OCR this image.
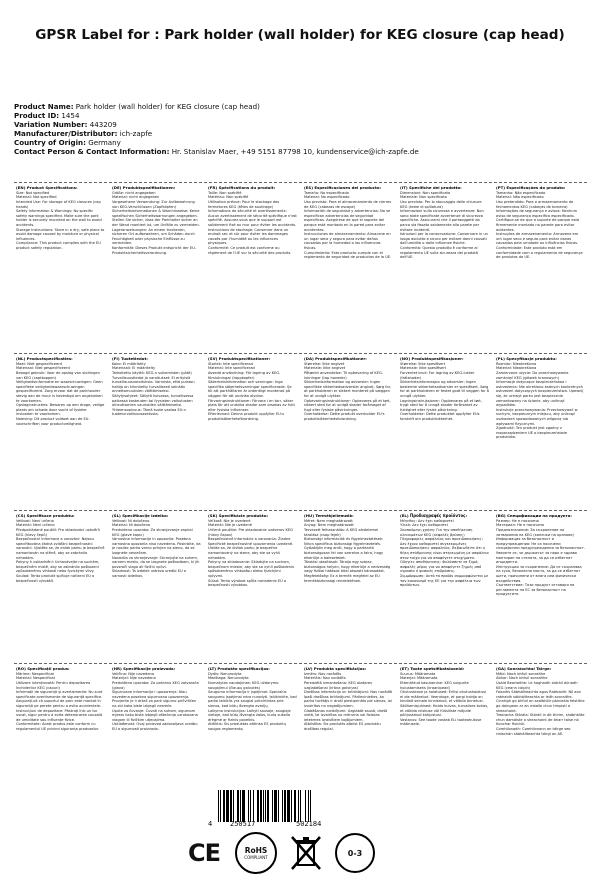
GPSR Label for : Park holder (wall holder) for KEG closure (cap head)
Product Name: Park holder (wall holder) for KEG closure (cap head)
Product ID: 1454
Variation Number: 443209
Manufacturer/Distributor: ich-zapfe
Country of Origin: Germany
Contact Person & Contact Information: Hr. Stanislav Maer, +49 5151 87798 10, kundenservice@ich-zapfe.de
(EN) Product Specifications:
Size: Not specified
Material: Not specified
Intended Use: For storage of KEG closures (cap heads)
Safety Information & Warnings: No specific safety warnings specified. Make sure the park holder is securely mounted on the wall to avoid accidents.
Storage Instructions: Store in a dry, safe place to avoid damage caused by moisture or physical influences.
Compliance: This product complies with the EU product safety regulation.
(DE) Produktspezifikationen:
Größe: nicht angegeben
Material: nicht angegeben
Vorgesehene Verwendung: Zur Aufbewahrung von KEG-Verschlüssen (Zapfköpfen)
Sicherheitsinformationen & Warnhinweise: Keine spezifischen Sicherheitswarnungen angegeben. Stellen Sie sicher, dass der Parkhalter sicher an der Wand montiert ist, um Unfälle zu vermeiden.
Lageranweisungen: An einem trockenen, sicheren Ort aufbewahren, um Schäden durch Feuchtigkeit oder physische Einflüsse zu vermeiden.
Konformität: Dieses Produkt entspricht der EU-Produktsicherheitsverordnung.
(FR) Spécifications du produit:
Taille: Non spécifié
Matériau: Non spécifié
Utilisation prévue: Pour le stockage des fermetures KEG (têtes de soutirage)
Informations de sécurité et avertissements: Aucun avertissement de sécurité spécifique n'est spécifié. Assurez-vous que le support est solidement fixé au mur pour éviter les accidents.
Instructions de stockage: Conserver dans un endroit sec et sûr pour éviter les dommages causés par l'humidité ou les influences physiques.
Conformité: Ce produit est conforme au règlement de l'UE sur la sécurité des produits.
(ES) Especificaciones del producto:
Tamaño: No especificado
Material: No especificado
Uso previsto: Para el almacenamiento de cierres de KEG (cabezas de escape)
Información de seguridad y advertencias: No se especifican advertencias de seguridad específicas. Asegúrese de que el soporte del parque está montado en la pared para evitar accidentes.
Instrucciones de almacenamiento: Almacene en un lugar seco y seguro para evitar daños causados por la humedad o las influencias físicas.
Cumplimiento: Este producto cumple con el reglamento de seguridad de productos de la UE.
(IT) Specifiche del prodotto:
Dimensioni: Non specificato
Materiale: Non specificato
Uso previsto: Per lo stoccaggio delle chiusure KEG (teste di spillatura)
Informazioni sulla sicurezza e avvertenze: Non sono state specificate avvertenze di sicurezza specifiche. Assicurarsi che il portaoggetti da parco sia fissato saldamente alla parete per evitare incidenti.
Istruzioni per la conservazione: Conservare in un luogo asciutto e sicuro per evitare danni causati dall'umidità o dalle influenze fisiche.
Conformità: Questo prodotto è conforme al regolamento UE sulla sicurezza dei prodotti dell'UE.
(PT) Especificações do produto:
Tamanho: Não especificado
Material: Não especificado
Uso pretendido: Para o armazenamento de fechamentos KEG (cabeças de torneira)
Informações de segurança e avisos: Nenhum aviso de segurança específico especificado. Certifique-se de que o suporte de parque está firmemente montado na parede para evitar acidentes.
Instruções de armazenamento: Armazene em um lugar seco e seguro para evitar danos causados pela umidade ou influências físicas.
Conformidade: Este produto está em conformidade com o regulamento de segurança de produtos da UE.
(NL) Productspecificaties:
Maat: Niet gespecificeerd
Materiaal: Niet gespecificeerd
Beoogd gebruik: Voor de opslag van sluitingen van KEG (captkoppen)
Veiligheidsinformatie en waarschuwingen: Geen specifieke veiligheidswaarschuwingen gespecificeerd. Zorg ervoor dat de parkhouder stevig aan de muur is bevestigd om ongelukken te voorkomen.
Opslaginstructies: Bewaren op een droge, veilige plaats om schade door vocht of fysieke invloeden te voorkomen.
Naleving: Dit product voldoet aan de EU-voorschriften voor productveiligheid.
(FI) Tuotetiedot:
Koko: Ei määritelty
Materiaali: Ei määritelty
Tarkoitettu käyttö: KEG-n sulkemisten (päät)
Turvallisuustiedot ja varoitukset: Ei erityisiä turvallisuusvaroituksia. Varmista, että puiston haltija on kiinnitetty turvallisesti seinään onnettomuuksien välttämiseksi.
Säilytysohjeet: Säilytä kuivassa, turvallisessa paikassa kosteuden tai fyysisten vaikutusten aiheuttamien vaurioiden välttämiseksi.
Yhteensopivuus: Tämä tuote vastaa EU:n tuoteturvallisuusasetusta.
(SV) Produktspecifikationer:
Storlek: Inte specificerad
Material: Inte specificerad
Avsedd användning: För lagring av KEG-förslutningar (tappkopfer)
Säkerhetsinformation och varningar: Inga specifika säkerhetsvarningar specificerade. Se till att parkhållaren är ordentligt monterad på väggen för att undvika olyckor.
Förvaringsinstruktioner: Förvara i en torr, säker plats för att undvika skador som orsakas av fukt eller fysiska influenser.
Efterlevnad: Denna produkt uppfyller EU:s produktsäkerhetsförordning.
(DA) Produktspecifikationer:
Størrelse: Ikke angivet
Materiale: Ikke angivet
Påtænkt anvendelse: Til opbevaring af KEG-lukninger (tap hoveder)
Sikkerhedsinformation og advarsler: Ingen specifikke sikkerhedsadvarsler angivet. Sørg for, at parkholderen er sikkert monteret på væggen for at undgå ulykker.
Opbevaringsinstruktioner: Opbevares på et tørt, sikkert sted for at undgå skader forårsaget af fugt eller fysiske påvirkninger.
Overholdelse: Dette produkt overholder EU's produktsikkerhedsforordning.
(NO) Produktspesifikasjoner:
Størrelse: Ikke spesifisert
Materiale: Ikke spesifisert
Forventet bruk: For lagring av KEG-lukker (fattshoder)
Sikkerhetsinformasjon og advarsler: Ingen bestemte sikkerhetsadvarsler er spesifisert. Sørg for at parkholderen er festet godt til veggen for å unngå ulykker.
Lagringsinstruksjoner: Oppbevares på et tørt, trygt sted for å unngå skader forårsaket av fuktighet eller fysisk påvirkning.
Overholdelse: Dette produktet oppfyller EUs forskrift om produktsikkerhet.
(PL) Specyfikacje produktu:
Rozmiar: Nieokreślona
Materiał: Nieokreślona
Zamierzone użycie: Do przechowywania zamknięć KEG (główek kranowych)
Informacje dotyczące bezpieczeństwa i ostrzeżenia: Nie określono żadnych konkretnych ostrzeżeń dotyczących bezpieczeństwa. Upewnij się, że uchwyt parku jest bezpiecznie zamontowany na ścianie, aby uniknąć wypadków.
Instrukcje przechowywania: Przechowywać w suchym, bezpiecznym miejscu, aby uniknąć uszkodzeń spowodowanych wilgocią lub wpływami fizycznymi.
Zgodność: Ten produkt jest zgodny z rozporządzeniem UE o bezpieczeństwie produktów.
(CS) Specifikace produktu:
Velikost: Není určeno
Materiál: Není určeno
Předpokládané použití: Pro skladování uzávěrů KEG (hlavy čepů)
Bezpečnostní informace a varování: Nejsou specifikována žádná zvláštní bezpečnostní varování. Ujistěte se, že držák parku je bezpečně namontován na stěně, aby se zabránilo nehodám.
Pokyny k uskladnění: Uchovávejte na suchém, bezpečném místě, aby se zabránilo poškození způsobenému vlhkostí nebo fyzickými vlivy.
Soulad: Tento produkt splňuje nařízení EU o bezpečnosti výrobků.
(SL) Specifikacije izdelka:
Velikost: Ni določeno
Material: Ni določeno
Predvidena uporaba: Za shranjevanje zapiral KEG (glave kapic)
Varnostne informacije in opozorila: Posebna varnostna opozorila niso navedena. Poskrbite, da je nosilec parka varno pritrjen na steno, da se izognete nesrečam.
Navodila za shranjevanje: Shranjujte na suhem, varnem mestu, da se izognete poškodbam, ki jih povzroči vlaga ali fizični vplivi.
Skladnost: Ta izdelek ustreza uredbi EU o varnosti izdelkov.
(SK) Špecifikácie produktu:
Veľkosť: Nie je uvedené
Materiál: Nie je uvedené
Určené použitie: Pre skladovanie uzáverov KEG (hlavy čapov)
Bezpečnostné informácie a varovania: Žiadne špecifické bezpečnostné upozornenia uvedené. Uistite sa, že držiak parku je bezpečne namontovaný na stene, aby ste sa vyhli nehodám.
Pokyny na skladovanie: Skladujte na suchom, bezpečnom mieste, aby ste sa vyhli poškodeniu spôsobenému vlhkosťou alebo fyzickými vplyvmi.
Súlad: Tento výrobok spĺňa nariadenie EÚ o bezpečnosti výrobkov.
(HU) Termékjellemzők:
Méret: Nem meghatározott
Anyag: Nem meghatározott
Tervezett felhasználás: A KEG záróelemei tárolása (csap fejek)
Biztonsági információk és figyelmeztetések: Nincs specifikus biztonsági figyelmeztetés. Győződjön meg arról, hogy a parktartó biztonságosan fel van szerelve a falra, hogy elkerülje a baleseteket.
Tárolási utasítások: Tárolja egy száraz, biztonságos helyen, hogy elkerülje a nedvesség vagy fizikai hatások által okozott károsodást.
Megfelelőség: Ez a termék megfelel az EU termékbiztonsági rendeletének.
(EL) Προδιαγραφές προϊόντος:
Μέγεθος: Δεν έχει καθοριστεί
Υλικό: Δεν έχει καθοριστεί
Σκοπούμενη χρήση: Για την αποθήκευση κλεισιμάτων KEG (κεφαλές βρύσης)
Πληροφορίες ασφαλείας και προειδοποιήσεις: Δεν έχουν καθοριστεί συγκεκριμένες προειδοποιήσεις ασφαλείας. Βεβαιωθείτε ότι η θήκη στάθμευσης είναι στερεωμένη με ασφάλεια στον τοίχο για να αποφύγετε ατυχήματα.
Οδηγίες αποθήκευσης: Φυλάσσετε σε ξηρό, ασφαλές μέρος για να αποφύγετε ζημιές από υγρασία ή φυσικές επιδράσεις.
Συμμόρφωση: Αυτό το προϊόν συμμορφώνεται με τον κανονισμό της ΕΕ για την ασφάλεια των προϊόντων.
(BG) Спецификации на продукта:
Размер: Не е посочено
Материал: Не е посочено
Предназначение: За съхранение на затваряния на KEG (капачки на кранове)
Информация за безопасност и предупреждения: Не са посочени специфични предупреждения за безопасност. Уверете се, че държачът за парк е здраво монтиран на стената, за да се избегнат инциденти.
Инструкции за съхранение: Да се съхранява на сухо, безопасно място, за да се избегнат щети, причинени от влага или физически въздействия.
Съответствие: Този продукт отговаря на регламента на ЕС за безопасност на продуктите.
(RO) Specificații produs:
Mărime: Nespecificat
Material: Nespecificat
Utilizare intenționată: Pentru depozitarea închiderilor KEG (capuri)
Informații de siguranță și avertismente: Nu sunt specificate avertismente de siguranță specifice. Asigurați-vă că suportul de parc este montat în siguranță pe perete pentru a evita accidentele.
Instrucțiuni de depozitare: Păstrați într-un loc uscat, sigur pentru a evita deteriorarea cauzată de umiditate sau influențe fizice.
Conformitate: Acest produs este conform cu regulamentul UE privind siguranța produselor.
(HR) Specifikacije proizvoda:
Veličina: Nije navedeno
Materijal: Nije navedeno
Predviđena uporaba: Za pohranu KEG zatvarača (glava)
Sigurnosne informacije i upozorenja: Nisu navedena posebna sigurnosna upozorenja. Provjerite je li držač za park sigurno pričvršćen na zid kako biste izbjegli nesreće.
Upute za čuvanje: Čuvati na suhom, sigurnom mjestu kako biste izbjegli oštećenja uzrokovana vlagom ili fizičkim utjecajima.
Usklađenost: Ovaj proizvod zadovoljava uredbu EU o sigurnosti proizvoda.
(LT) Produkto specifikacijos:
Dydis: Nenurodyta
Medžiaga: Nenurodyta
Numatytas naudojimas: KEG uždarymo saugojimui (čiaupų galvutės)
Saugumo informacija ir įspėjimai: Specialūs saugumo įspėjimai nėra nurodyti. Įsitikinkite, kad parko laikiklis yra saugiai pritvirtintas prie sienos, kad būtų išvengta avarijų.
Laikymo instrukcijos: Laikyti sausoje, saugioje vietoje, kad būtų išvengta žalos, kurią sukelia drėgmė ar fizinis poveikis.
Atitiktis: Šis produktas atitinka ES produktų saugos reglamentą.
(LV) Produkta specifikācijas:
Izmērs: Nav norādīts
Materiāls: Nav norādīts
Paredzētā izmantošana: KEG aizdares uzglabāšanai (krāna galviņas)
Drošības informācija un brīdinājumi: Nav norādīti īpaši drošības brīdinājumi. Pārliecinieties, ka parka turētājs ir droši piestiprināts pie sienas, lai izvairītos no negadījumiem.
Glabāšanas norādījumi: Uzglabāt sausā, drošā vietā, lai izvairītos no mitruma vai fiziskas ietekmes izraisītiem bojājumiem.
Atbilstība: Šis produkts atbilst ES produktu drošības regulai.
(ET) Toote spetsifikatsioonid:
Suurus: Määramata
Materjal: Määramata
Ettenähtud kasutamine: KEG sulgurite hoiustamiseks (kraanipead)
Ohutusteave ja hoiatused: Erilisi ohutushoiatusi ei ole määratud. Veenduge, et pargi hoidja on kindlalt seinale kinnitatud, et vältida õnnetusi.
Säilitamisjuhised: Hoida kuivas, turvalises kohas, et vältida niiskuse või füüsiliste mõjude põhjustatud kahjustusi.
Vastavus: See toode vastab ELi tooteohutuse määrusele.
(GA) Sonraíochtaí Táirge:
Méid: Nach bhfuil sonraithe
Ábhar: Nach bhfuil sonraithe
Úsáid Beartaithe: Le haghaidh stóráil dúnadh KEG (ceann caipín)
Faisnéis Sábháilteachta agus Rabhaidh: Níl aon rabhaidh sábháilteachta ar leith sonraithe. Cinntigh go bhfuil an sealbhóir páirceála feistithe go daingean ar an mballa chun timpistí a sheachaint.
Treoracha Stórála: Stóráil in áit thirim, shábháilte chun damáiste a sheachaint de bharr taise nó tionchar fisiciúil.
Comhlíonadh: Comhlíonann an táirge seo rialachán sábháilteachta táirgí an AE.
4	250517	502184
CE	RoHS
COMPLIANT	0-3
